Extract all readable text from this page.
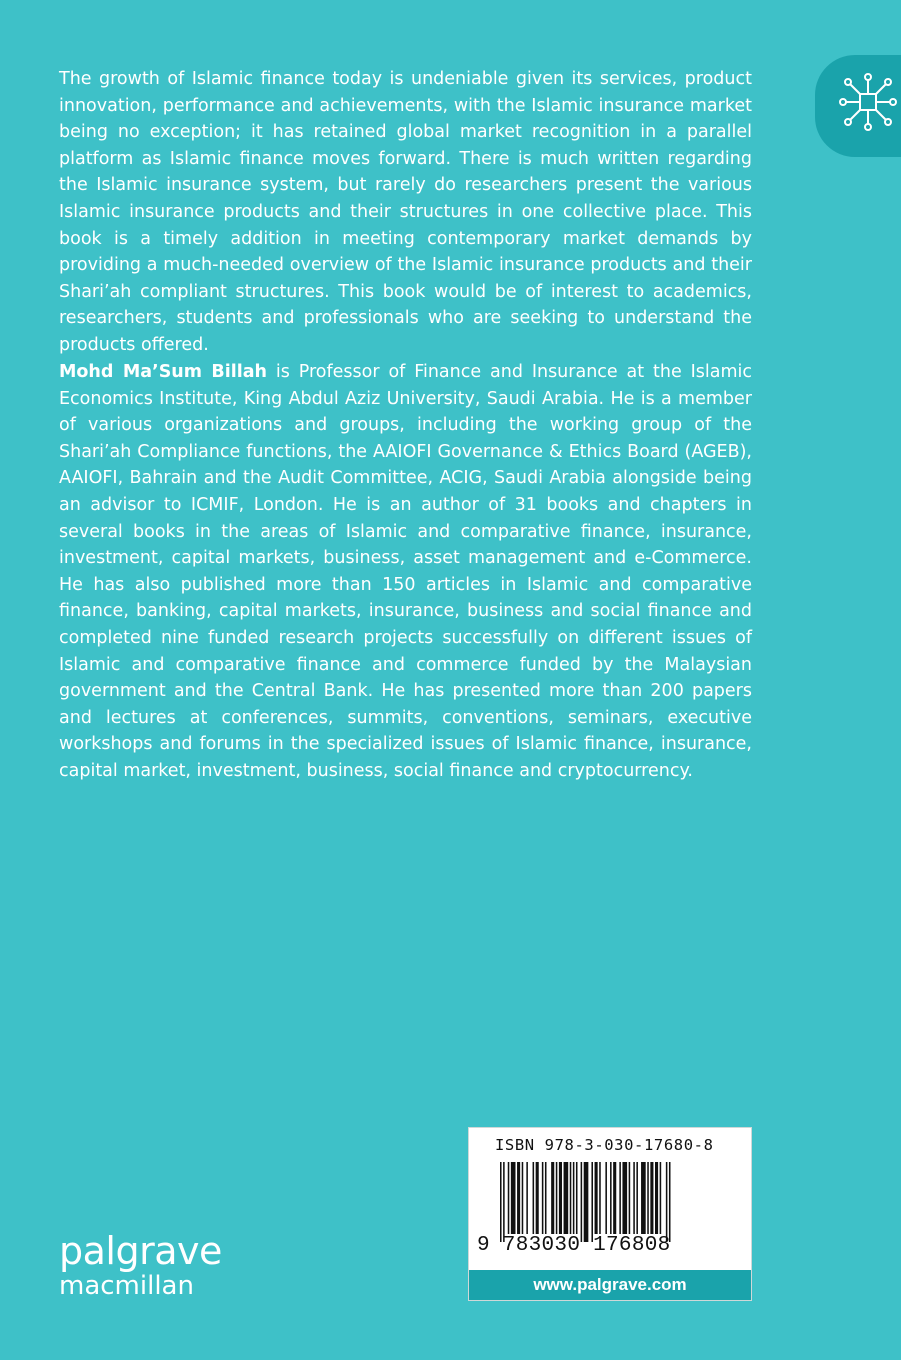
The growth of Islamic finance today is undeniable given its services, product innovation, performance and achievements, with the Islamic insurance market being no exception; it has retained global market recognition in a parallel platform as Islamic finance moves forward. There is much written regarding the Islamic insurance system, but rarely do researchers present the various Islamic insurance products and their structures in one collective place. This book is a timely addition in meeting contemporary market demands by providing a much-needed overview of the Islamic insurance products and their Shari’ah compliant structures. This book would be of interest to academics, researchers, students and professionals who are seeking to understand the products offered.

Mohd Ma’Sum Billah is Professor of Finance and Insurance at the Islamic Economics Institute, King Abdul Aziz University, Saudi Arabia. He is a member of various organizations and groups, including the working group of the Shari’ah Compliance functions, the AAIOFI Governance & Ethics Board (AGEB), AAIOFI, Bahrain and the Audit Committee, ACIG, Saudi Arabia alongside being an advisor to ICMIF, London. He is an author of 31 books and chapters in several books in the areas of Islamic and comparative finance, insurance, investment, capital markets, business, asset management and e-Commerce. He has also published more than 150 articles in Islamic and comparative finance, banking, capital markets, insurance, business and social finance and completed nine funded research projects successfully on different issues of Islamic and comparative finance and commerce funded by the Malaysian government and the Central Bank. He has presented more than 200 papers and lectures at conferences, summits, conventions, seminars, executive workshops and forums in the specialized issues of Islamic finance, insurance, capital market, investment, business, social finance and cryptocurrency.

ISBN 978-3-030-17680-8
9 783030 176808
www.palgrave.com
palgrave
macmillan
